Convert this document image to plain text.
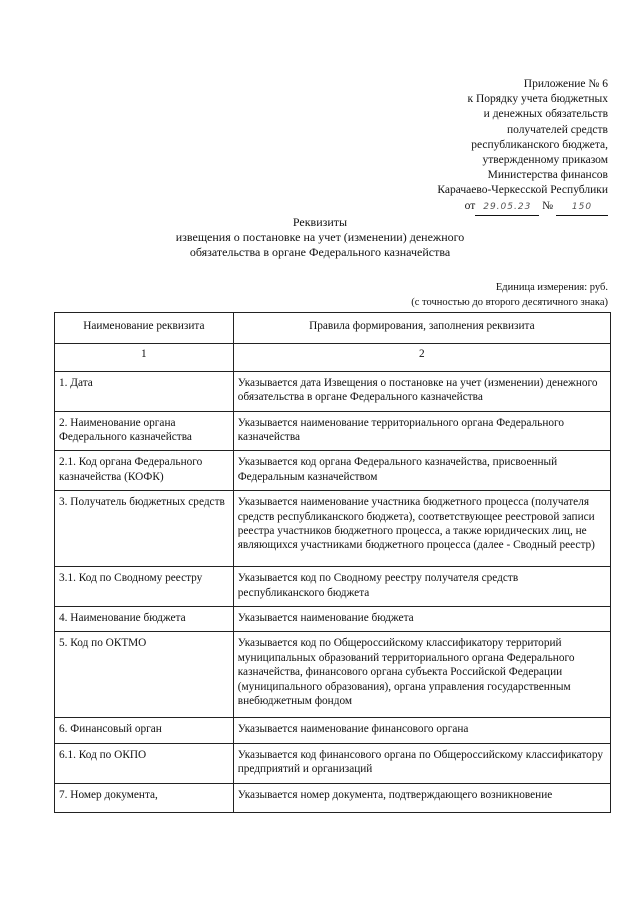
Приложение № 6
к Порядку учета бюджетных
и денежных обязательств
получателей средств
республиканского бюджета,
утвержденному приказом
Министерства финансов
Карачаево-Черкесской Республики
от 29.05.23 № 150
Реквизиты
извещения о постановке на учет (изменении) денежного
обязательства в органе Федерального казначейства
Единица измерения: руб.
(с точностью до второго десятичного знака)
Наименование реквизита	Правила формирования, заполнения реквизита
1	2
1. Дата	Указывается дата Извещения о постановке на учет (изменении) денежного обязательства в органе Федерального казначейства
2. Наименование органа Федерального казначейства	Указывается наименование территориального органа Федерального казначейства
2.1. Код органа Федерального казначейства (КОФК)	Указывается код органа Федерального казначейства, присвоенный Федеральным казначейством
3. Получатель бюджетных средств	Указывается наименование участника бюджетного процесса (получателя средств республиканского бюджета), соответствующее реестровой записи реестра участников бюджетного процесса, а также юридических лиц, не являющихся участниками бюджетного процесса (далее - Сводный реестр)
3.1. Код по Сводному реестру	Указывается код по Сводному реестру получателя средств республиканского бюджета
4. Наименование бюджета	Указывается наименование бюджета
5. Код по ОКТМО	Указывается код по Общероссийскому классификатору территорий муниципальных образований территориального органа Федерального казначейства, финансового органа субъекта Российской Федерации (муниципального образования), органа управления государственным внебюджетным фондом
6. Финансовый орган	Указывается наименование финансового органа
6.1. Код по ОКПО	Указывается код финансового органа по Общероссийскому классификатору предприятий и организаций
7. Номер документа,	Указывается номер документа, подтверждающего возникновение
